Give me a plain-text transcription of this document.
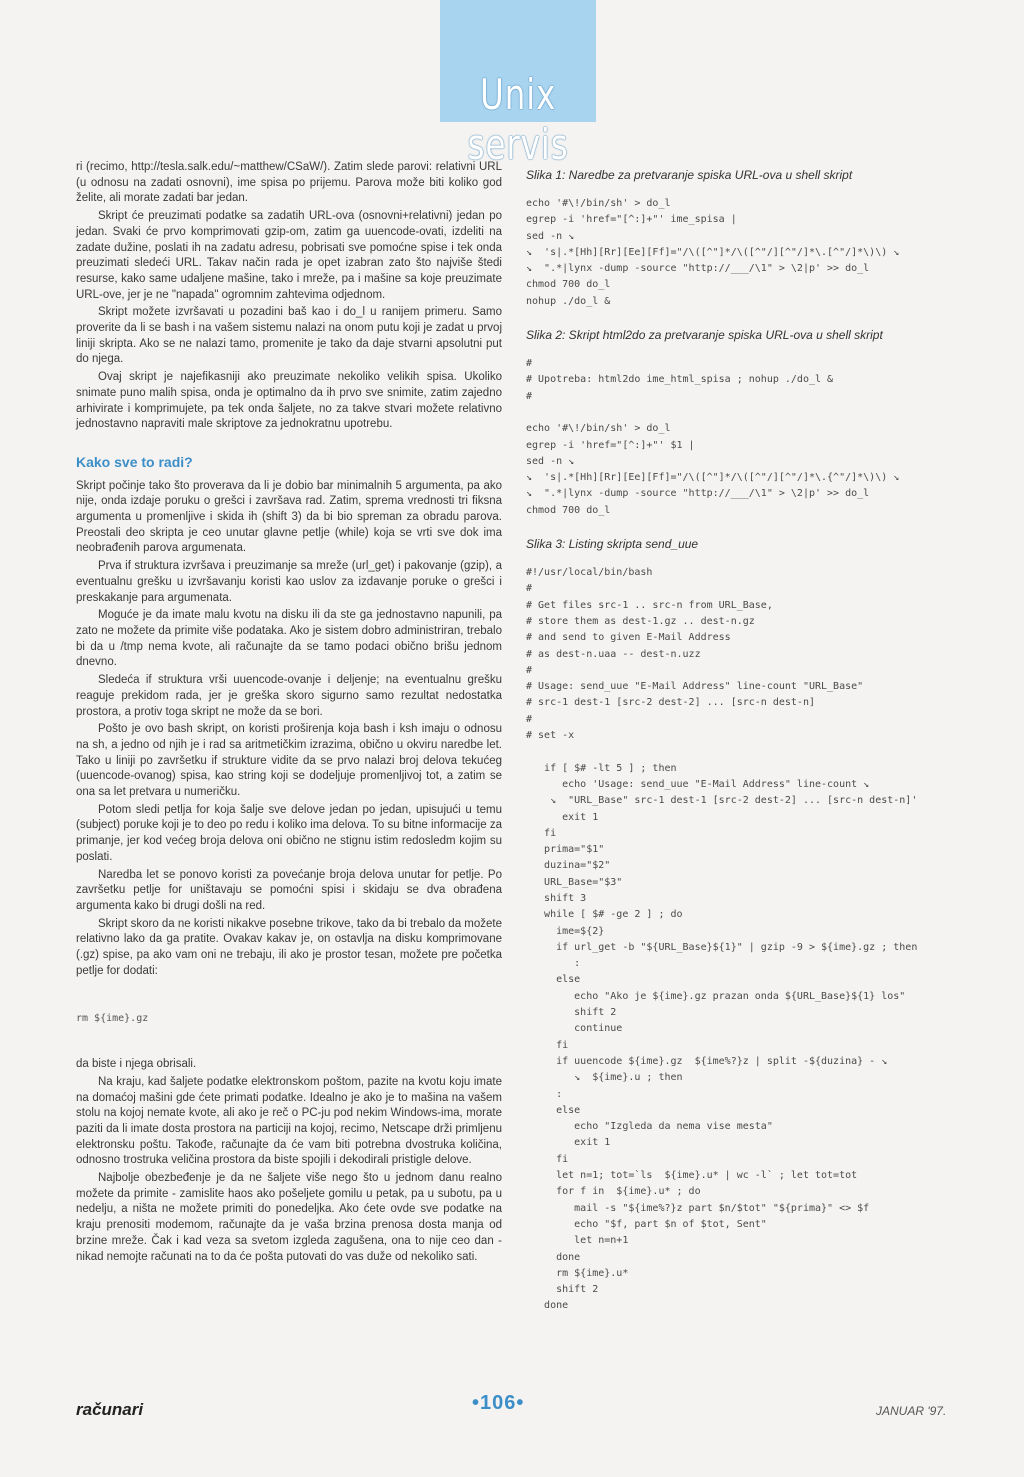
Unix servis

ri (recimo, http://tesla.salk.edu/~matthew/CSaW/). Zatim slede parovi: relativni URL (u odnosu na zadati osnovni), ime spisa po prijemu. Parova može biti koliko god želite, ali morate zadati bar jedan.

Skript će preuzimati podatke sa zadatih URL-ova (osnovni+relativni) jedan po jedan. Svaki će prvo komprimovati gzip-om, zatim ga uuencode-ovati, izdeliti na zadate dužine, poslati ih na zadatu adresu, pobrisati sve pomoćne spise i tek onda preuzimati sledeći URL. Takav način rada je opet izabran zato što najviše štedi resurse, kako same udaljene mašine, tako i mreže, pa i mašine sa koje preuzimate URL-ove, jer je ne "napada" ogromnim zahtevima odjednom.

Skript možete izvršavati u pozadini baš kao i do_l u ranijem primeru. Samo proverite da li se bash i na vašem sistemu nalazi na onom putu koji je zadat u prvoj liniji skripta. Ako se ne nalazi tamo, promenite je tako da daje stvarni apsolutni put do njega.

Ovaj skript je najefikasniji ako preuzimate nekoliko velikih spisa. Ukoliko snimate puno malih spisa, onda je optimalno da ih prvo sve snimite, zatim zajedno arhivirate i komprimujete, pa tek onda šaljete, no za takve stvari možete relativno jednostavno napraviti male skriptove za jednokratnu upotrebu.

Kako sve to radi?

Skript počinje tako što proverava da li je dobio bar minimalnih 5 argumenta, pa ako nije, onda izdaje poruku o grešci i završava rad. Zatim, sprema vrednosti tri fiksna argumenta u promenljive i skida ih (shift 3) da bi bio spreman za obradu parova. Preostali deo skripta je ceo unutar glavne petlje (while) koja se vrti sve dok ima neobrađenih parova argumenata.

Prva if struktura izvršava i preuzimanje sa mreže (url_get) i pakovanje (gzip), a eventualnu grešku u izvršavanju koristi kao uslov za izdavanje poruke o grešci i preskakanje para argumenata.

Moguće je da imate malu kvotu na disku ili da ste ga jednostavno napunili, pa zato ne možete da primite više podataka. Ako je sistem dobro administriran, trebalo bi da u /tmp nema kvote, ali računajte da se tamo podaci obično brišu jednom dnevno.

Sledeća if struktura vrši uuencode-ovanje i deljenje; na eventualnu grešku reaguje prekidom rada, jer je greška skoro sigurno samo rezultat nedostatka prostora, a protiv toga skript ne može da se bori.

Pošto je ovo bash skript, on koristi proširenja koja bash i ksh imaju o odnosu na sh, a jedno od njih je i rad sa aritmetičkim izrazima, obično u okviru naredbe let. Tako u liniji po završetku if strukture vidite da se prvo nalazi broj delova tekućeg (uuencode-ovanog) spisa, kao string koji se dodeljuje promenljivoj tot, a zatim se ona sa let pretvara u numeričku.

Potom sledi petlja for koja šalje sve delove jedan po jedan, upisujući u temu (subject) poruke koji je to deo po redu i koliko ima delova. To su bitne informacije za primanje, jer kod većeg broja delova oni obično ne stignu istim redosledm kojim su poslati.

Naredba let se ponovo koristi za povećanje broja delova unutar for petlje. Po završetku petlje for uništavaju se pomoćni spisi i skidaju se dva obrađena argumenta kako bi drugi došli na red.

Skript skoro da ne koristi nikakve posebne trikove, tako da bi trebalo da možete relativno lako da ga pratite. Ovakav kakav je, on ostavlja na disku komprimovane (.gz) spise, pa ako vam oni ne trebaju, ili ako je prostor tesan, možete pre početka petlje for dodati:

rm ${ime}.gz

da biste i njega obrisali.

Na kraju, kad šaljete podatke elektronskom poštom, pazite na kvotu koju imate na domaćoj mašini gde ćete primati podatke. Idealno je ako je to mašina na vašem stolu na kojoj nemate kvote, ali ako je reč o PC-ju pod nekim Windows-ima, morate paziti da li imate dosta prostora na particiji na kojoj, recimo, Netscape drži primljenu elektronsku poštu. Takođe, računajte da će vam biti potrebna dvostruka količina, odnosno trostruka veličina prostora da biste spojili i dekodirali pristigle delove.

Najbolje obezbeđenje je da ne šaljete više nego što u jednom danu realno možete da primite - zamislite haos ako pošeljete gomilu u petak, pa u subotu, pa u nedelju, a ništa ne možete primiti do ponedeljka. Ako ćete ovde sve podatke na kraju prenositi modemom, računajte da je vaša brzina prenosa dosta manja od brzine mreže. Čak i kad veza sa svetom izgleda zagušena, ona to nije ceo dan - nikad nemojte računati na to da će pošta putovati do vas duže od nekoliko sati.

Slika 1: Naredbe za pretvaranje spiska URL-ova u shell skript
echo '#\!/bin/sh' > do_l
egrep -i 'href="[^:]+"' ime_spisa |
sed -n ↘
↘  's|.*[Hh][Rr][Ee][Ff]="/\([^"]*/\([^"/][^"/]*\.[^"/]*\)\) ↘
↘  ".*|lynx -dump -source "http://___/\1" > \2|p' >> do_l
chmod 700 do_l
nohup ./do_l &
Slika 2: Skript html2do za pretvaranje spiska URL-ova u shell skript
#
# Upotreba: html2do ime_html_spisa ; nohup ./do_l &
#

echo '#\!/bin/sh' > do_l
egrep -i 'href="[^:]+"' $1 |
sed -n ↘
↘  's|.*[Hh][Rr][Ee][Ff]="/\([^"]*/\([^"/][^"/]*\.{^"/]*\)\) ↘
↘  ".*|lynx -dump -source "http://___/\1" > \2|p' >> do_l
chmod 700 do_l
Slika 3: Listing skripta send_uue
#!/usr/local/bin/bash
#
# Get files src-1 .. src-n from URL_Base,
# store them as dest-1.gz .. dest-n.gz
# and send to given E-Mail Address
# as dest-n.uaa -- dest-n.uzz
#
# Usage: send_uue "E-Mail Address" line-count "URL_Base"
# src-1 dest-1 [src-2 dest-2] ... [src-n dest-n]
#
# set -x

if [ $# -lt 5 ] ; then
echo 'Usage: send_uue "E-Mail Address" line-count ↘
↘  "URL_Base" src-1 dest-1 [src-2 dest-2] ... [src-n dest-n]'
exit 1
fi
prima="$1"
duzina="$2"
URL_Base="$3"
shift 3
while [ $# -ge 2 ] ; do
ime=${2}
if url_get -b "${URL_Base}${1}" | gzip -9 > ${ime}.gz ; then
:
else
echo "Ako je ${ime}.gz prazan onda ${URL_Base}${1} los"
shift 2
continue
fi
if uuencode ${ime}.gz  ${ime%?}z | split -${duzina} - ↘
↘  ${ime}.u ; then
:
else
echo "Izgleda da nema vise mesta"
exit 1
fi
let n=1; tot=`ls  ${ime}.u* | wc -l` ; let tot=tot
for f in  ${ime}.u* ; do
mail -s "${ime%?}z part $n/$tot" "${prima}" <> $f
echo "$f, part $n of $tot, Sent"
let n=n+1
done
rm ${ime}.u*
shift 2
done
računari	•106•	JANUAR '97.
